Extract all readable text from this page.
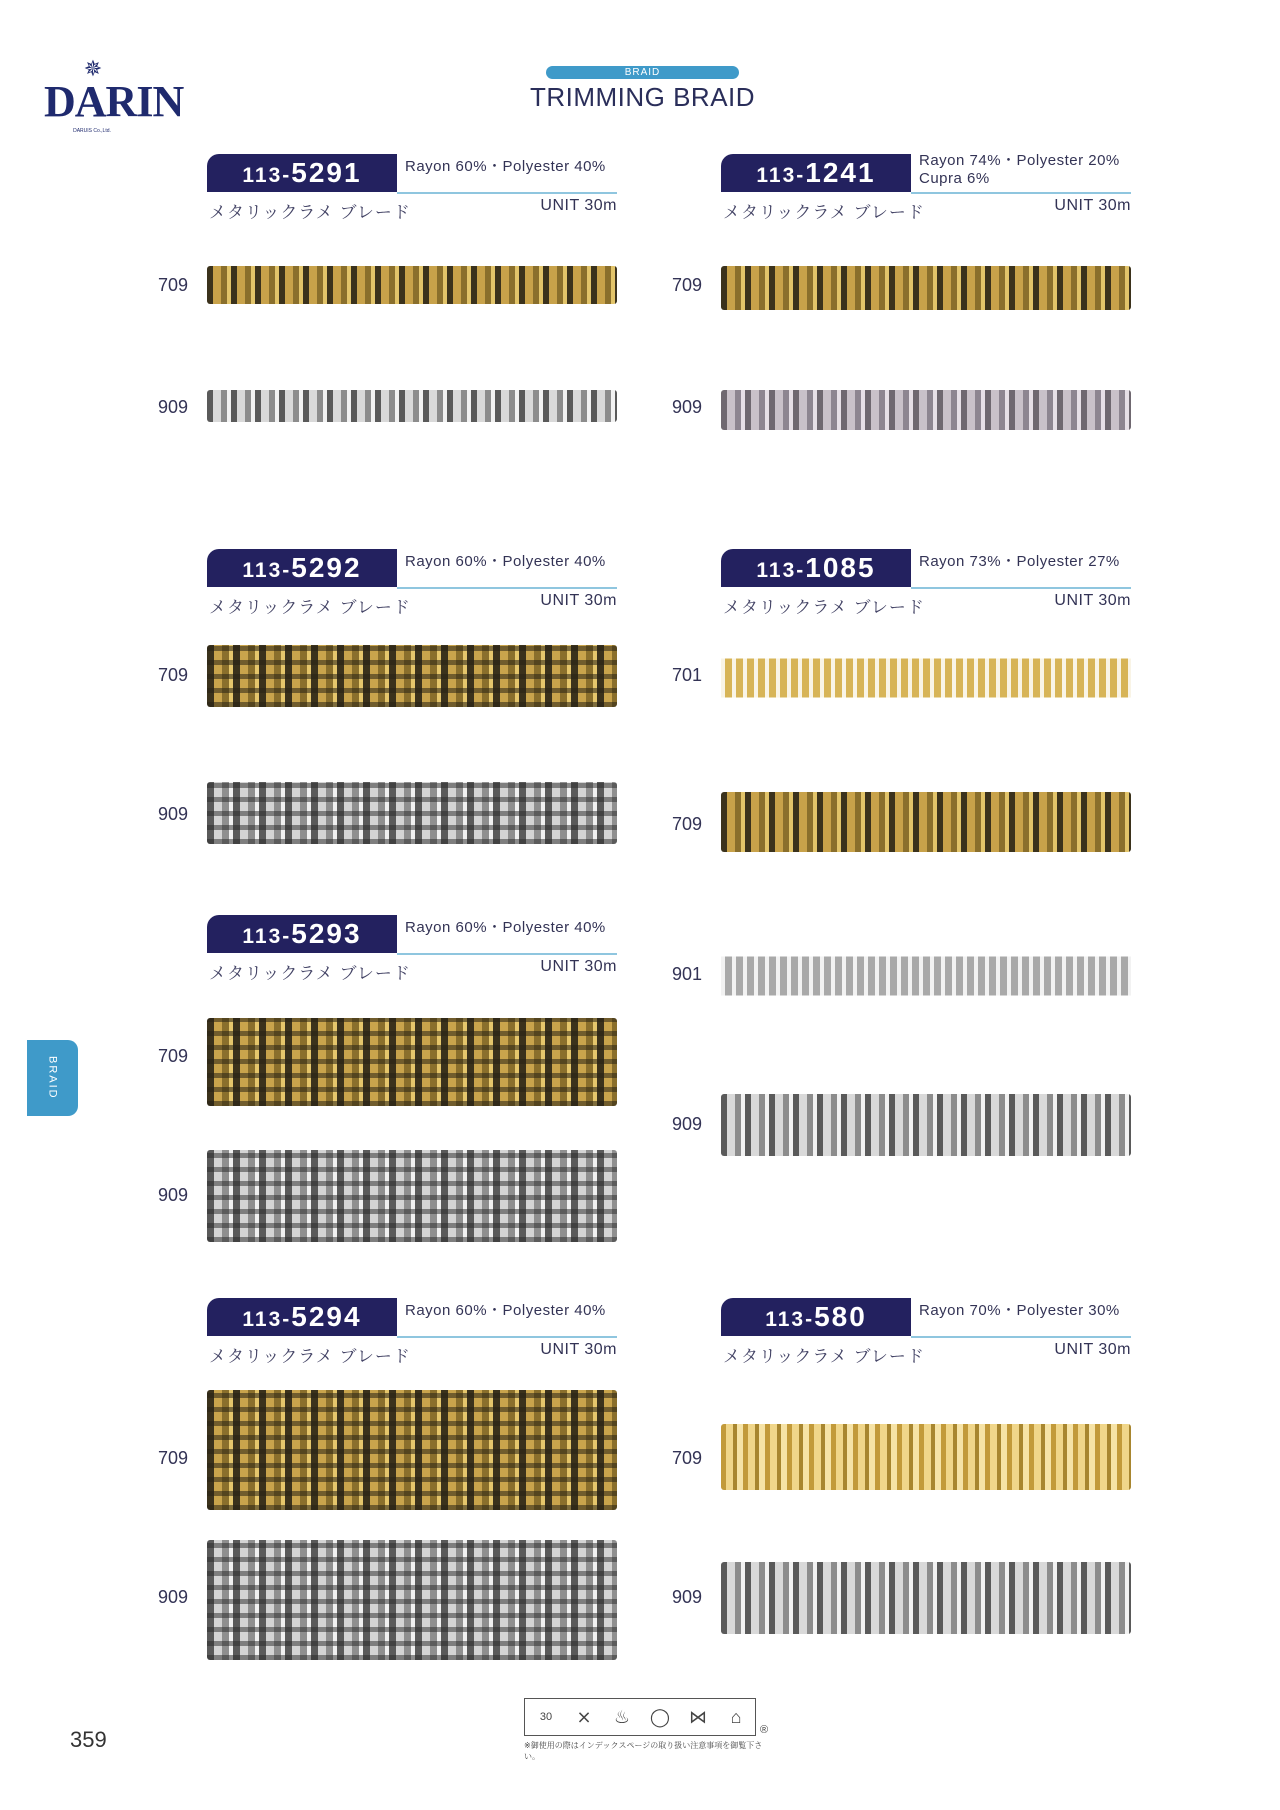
✵
DARIN
DARUIS Co.,Ltd.
BRAID
TRIMMING BRAID
BRAID
113-5291	Rayon 60%・Polyester 40%
メタリックラメ ブレード	UNIT 30m
709
909
113-1241	Rayon 74%・Polyester 20%
Cupra 6%
メタリックラメ ブレード	UNIT 30m
709
909
113-5292	Rayon 60%・Polyester 40%
メタリックラメ ブレード	UNIT 30m
709
909
113-1085	Rayon 73%・Polyester 27%
メタリックラメ ブレード	UNIT 30m
701
709
901
909
113-5293	Rayon 60%・Polyester 40%
メタリックラメ ブレード	UNIT 30m
709
909
113-5294	Rayon 60%・Polyester 40%
メタリックラメ ブレード	UNIT 30m
709
909
113-580	Rayon 70%・Polyester 30%
メタリックラメ ブレード	UNIT 30m
709
909
359
30	⨯	♨	◯	⋈	⌂
※御使用の際はインデックスページの取り扱い注意事項を御覧下さい。
®
